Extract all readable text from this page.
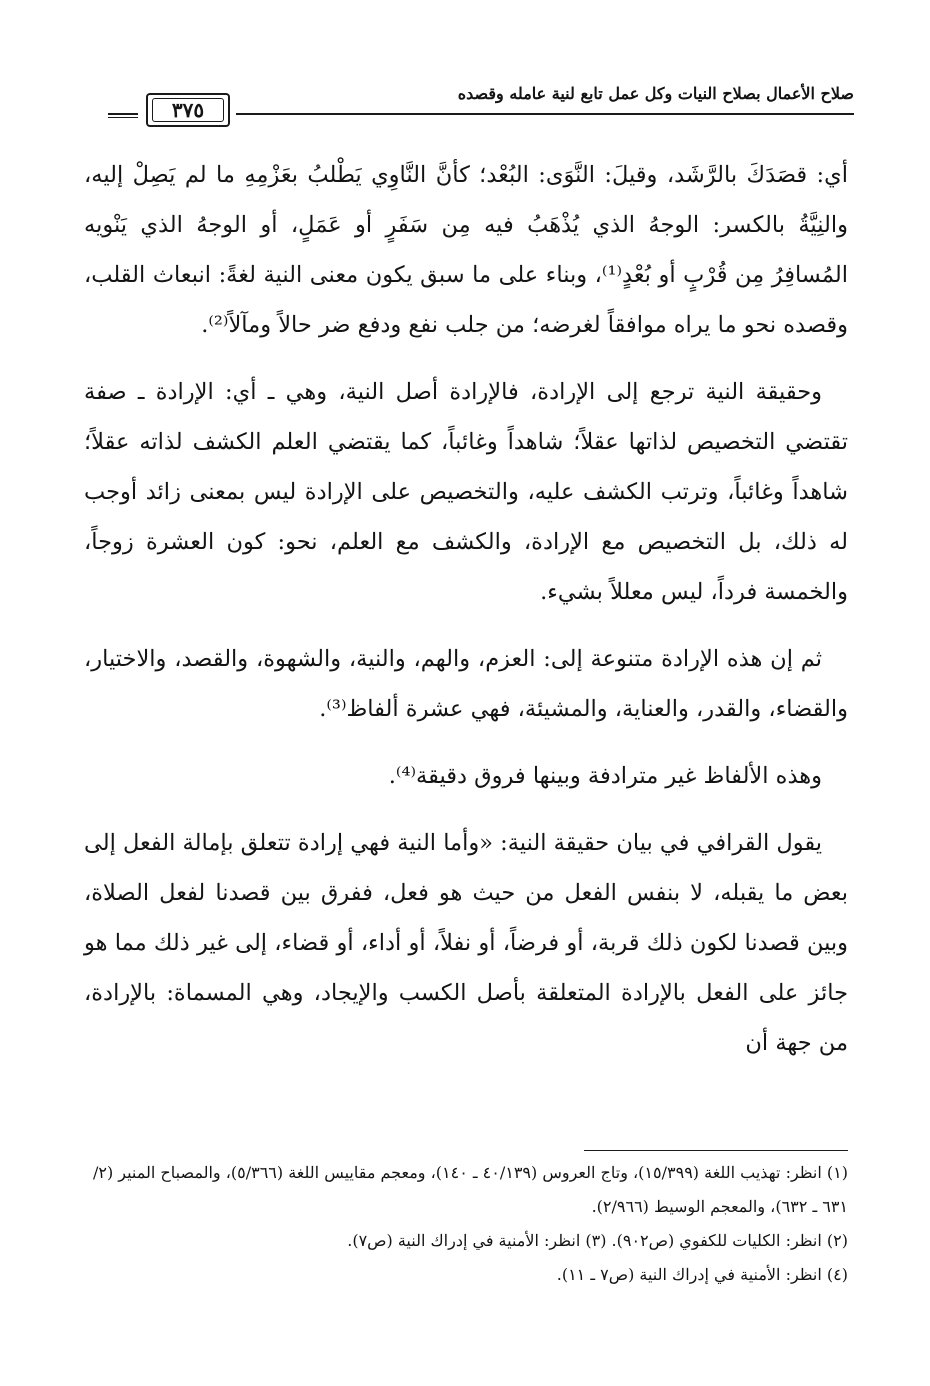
صلاح الأعمال بصلاح النيات وكل عمل تابع لنية عامله وقصده
٣٧٥

أي: قصَدَكَ بالرَّشَد، وقيلَ: النَّوَى: البُعْد؛ كأنَّ النَّاوِي يَطْلبُ بعَزْمِهِ ما لم يَصِلْ إليه، والنِيَّةُ بالكسر: الوجهُ الذي يُذْهَبُ فيه مِن سَفَرٍ أو عَمَلٍ، أو الوجهُ الذي يَنْويه المُسافِرُ مِن قُرْبٍ أو بُعْدٍ⁽¹⁾، وبناء على ما سبق يكون معنى النية لغةً: انبعاث القلب، وقصده نحو ما يراه موافقاً لغرضه؛ من جلب نفع ودفع ضر حالاً ومآلاً⁽²⁾.

وحقيقة النية ترجع إلى الإرادة، فالإرادة أصل النية، وهي ـ أي: الإرادة ـ صفة تقتضي التخصيص لذاتها عقلاً؛ شاهداً وغائباً، كما يقتضي العلم الكشف لذاته عقلاً؛ شاهداً وغائباً، وترتب الكشف عليه، والتخصيص على الإرادة ليس بمعنى زائد أوجب له ذلك، بل التخصيص مع الإرادة، والكشف مع العلم، نحو: كون العشرة زوجاً، والخمسة فرداً، ليس معللاً بشيء.

ثم إن هذه الإرادة متنوعة إلى: العزم، والهم، والنية، والشهوة، والقصد، والاختيار، والقضاء، والقدر، والعناية، والمشيئة، فهي عشرة ألفاظ⁽³⁾.

وهذه الألفاظ غير مترادفة وبينها فروق دقيقة⁽⁴⁾.

يقول القرافي في بيان حقيقة النية: «وأما النية فهي إرادة تتعلق بإمالة الفعل إلى بعض ما يقبله، لا بنفس الفعل من حيث هو فعل، ففرق بين قصدنا لفعل الصلاة، وبين قصدنا لكون ذلك قربة، أو فرضاً، أو نفلاً، أو أداء، أو قضاء، إلى غير ذلك مما هو جائز على الفعل بالإرادة المتعلقة بأصل الكسب والإيجاد، وهي المسماة: بالإرادة، من جهة أن

(١) انظر: تهذيب اللغة (١٥/٣٩٩)، وتاج العروس (٤٠/١٣٩ ـ ١٤٠)، ومعجم مقاييس اللغة (٥/٣٦٦)، والمصباح المنير (٢/ ٦٣١ ـ ٦٣٢)، والمعجم الوسيط (٢/٩٦٦).

(٢) انظر: الكليات للكفوي (ص٩٠٢). (٣) انظر: الأمنية في إدراك النية (ص٧).

(٤) انظر: الأمنية في إدراك النية (ص٧ ـ ١١).
